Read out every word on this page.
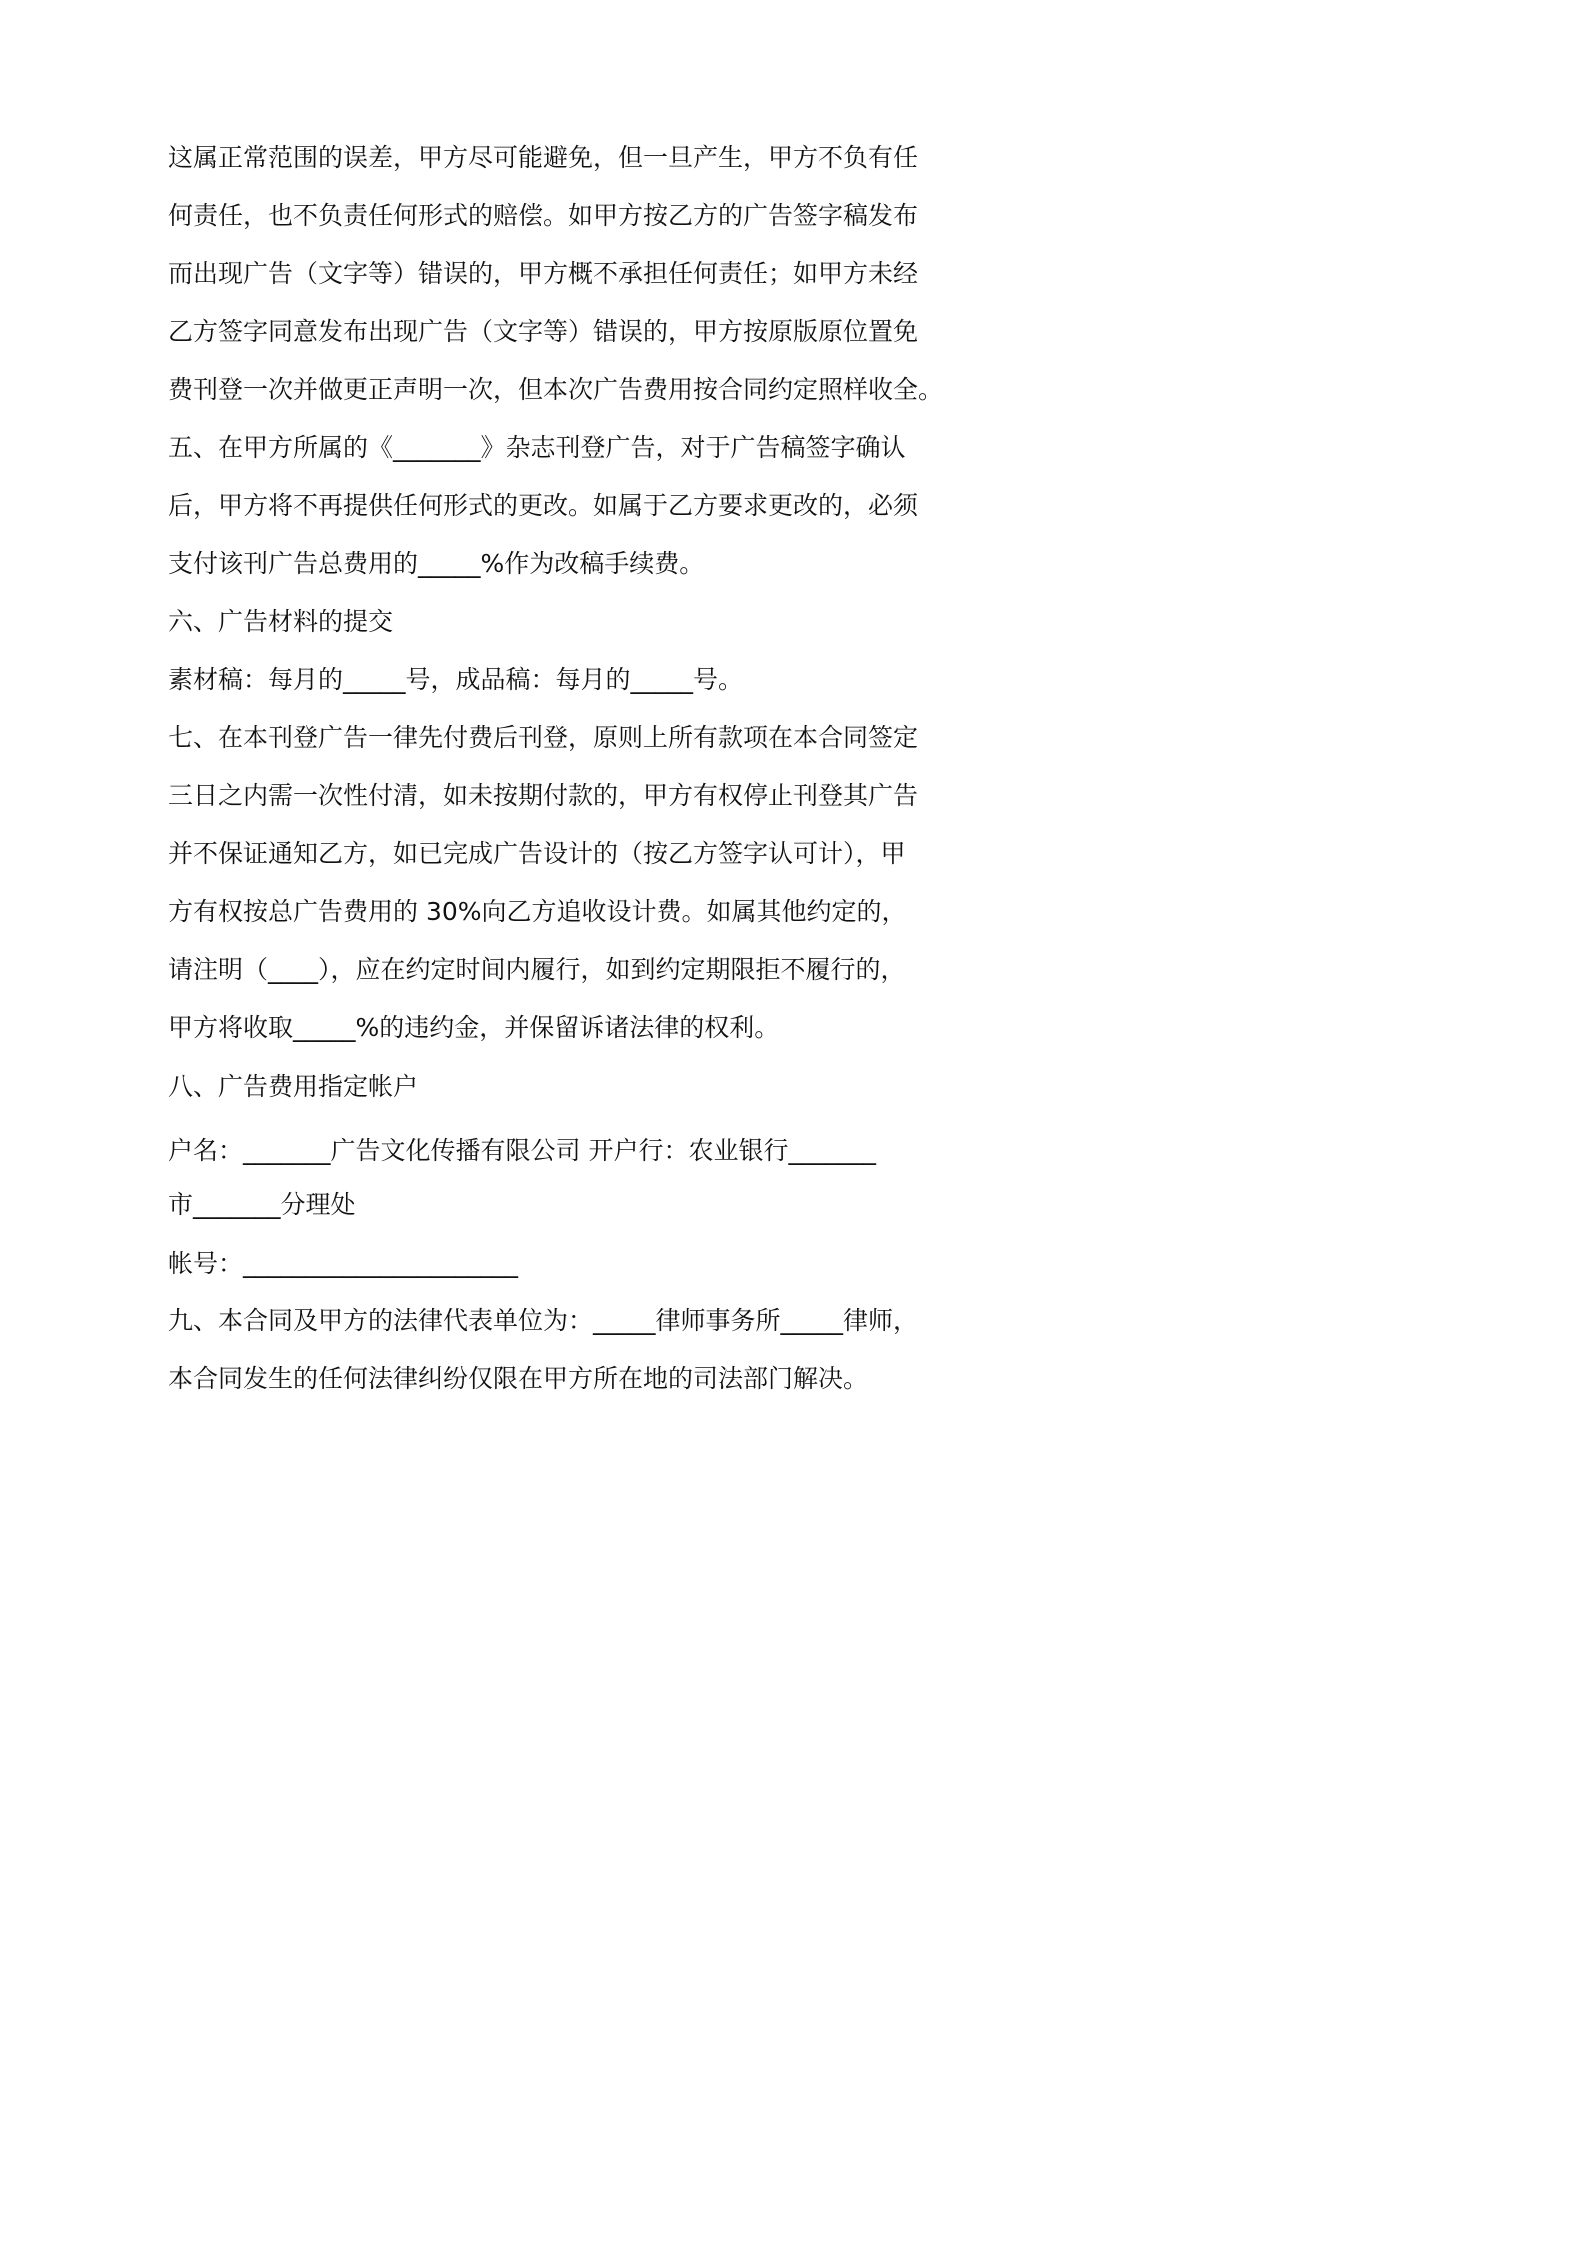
这属正常范围的误差，甲方尽可能避免，但一旦产生，甲方不负有任
何责任，也不负责任何形式的赔偿。如甲方按乙方的广告签字稿发布
而出现广告（文字等）错误的，甲方概不承担任何责任；如甲方未经
乙方签字同意发布出现广告（文字等）错误的，甲方按原版原位置免
费刊登一次并做更正声明一次，但本次广告费用按合同约定照样收全。
五、在甲方所属的《_______》杂志刊登广告，对于广告稿签字确认
后，甲方将不再提供任何形式的更改。如属于乙方要求更改的，必须
支付该刊广告总费用的_____%作为改稿手续费。
六、广告材料的提交
素材稿：每月的_____号，成品稿：每月的_____号。
七、在本刊登广告一律先付费后刊登，原则上所有款项在本合同签定
三日之内需一次性付清，如未按期付款的，甲方有权停止刊登其广告
并不保证通知乙方，如已完成广告设计的（按乙方签字认可计），甲
方有权按总广告费用的 30%向乙方追收设计费。如属其他约定的，
请注明（____），应在约定时间内履行，如到约定期限拒不履行的，
甲方将收取_____%的违约金，并保留诉诸法律的权利。
八、广告费用指定帐户
户名：_______广告文化传播有限公司 开户行：农业银行_______
市_______分理处
帐号：______________________
九、本合同及甲方的法律代表单位为：_____律师事务所_____律师，
本合同发生的任何法律纠纷仅限在甲方所在地的司法部门解决。
